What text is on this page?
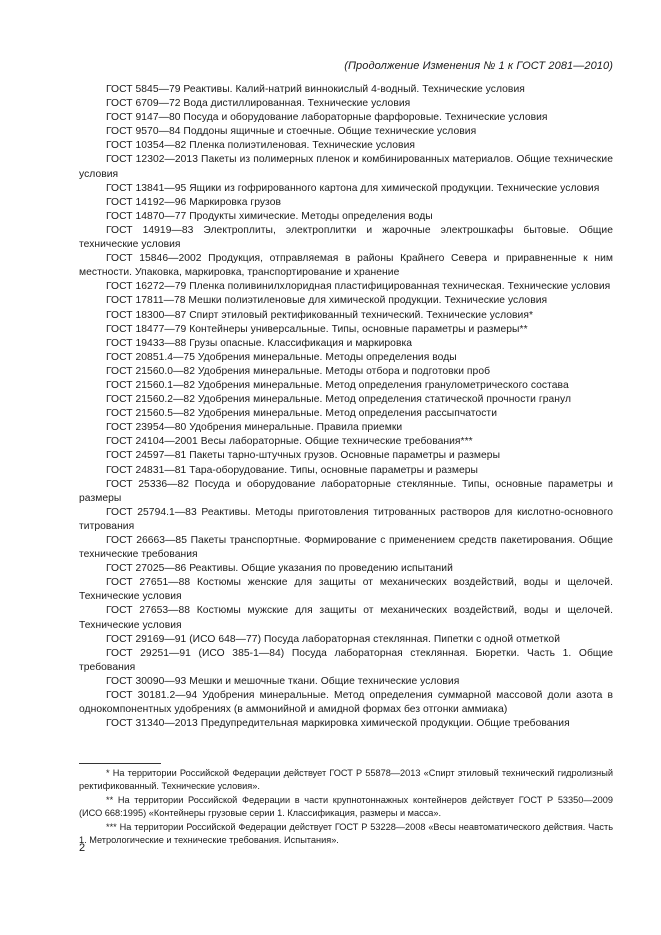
(Продолжение Изменения № 1 к ГОСТ 2081—2010)
ГОСТ 5845—79 Реактивы. Калий-натрий виннокислый 4-водный. Технические условия
ГОСТ 6709—72 Вода дистиллированная. Технические условия
ГОСТ 9147—80 Посуда и оборудование лабораторные фарфоровые. Технические условия
ГОСТ 9570—84 Поддоны ящичные и стоечные. Общие технические условия
ГОСТ 10354—82 Пленка полиэтиленовая. Технические условия
ГОСТ 12302—2013 Пакеты из полимерных пленок и комбинированных материалов. Общие технические условия
ГОСТ 13841—95 Ящики из гофрированного картона для химической продукции. Технические условия
ГОСТ 14192—96 Маркировка грузов
ГОСТ 14870—77 Продукты химические. Методы определения воды
ГОСТ 14919—83 Электроплиты, электроплитки и жарочные электрошкафы бытовые. Общие технические условия
ГОСТ 15846—2002 Продукция, отправляемая в районы Крайнего Севера и приравненные к ним местности. Упаковка, маркировка, транспортирование и хранение
ГОСТ 16272—79 Пленка поливинилхлоридная пластифицированная техническая. Технические условия
ГОСТ 17811—78 Мешки полиэтиленовые для химической продукции. Технические условия
ГОСТ 18300—87 Спирт этиловый ректификованный технический. Технические условия*
ГОСТ 18477—79 Контейнеры универсальные. Типы, основные параметры и размеры**
ГОСТ 19433—88 Грузы опасные. Классификация и маркировка
ГОСТ 20851.4—75 Удобрения минеральные. Методы определения воды
ГОСТ 21560.0—82 Удобрения минеральные. Методы отбора и подготовки проб
ГОСТ 21560.1—82 Удобрения минеральные. Метод определения гранулометрического состава
ГОСТ 21560.2—82 Удобрения минеральные. Метод определения статической прочности гранул
ГОСТ 21560.5—82 Удобрения минеральные. Метод определения рассыпчатости
ГОСТ 23954—80 Удобрения минеральные. Правила приемки
ГОСТ 24104—2001 Весы лабораторные. Общие технические требования***
ГОСТ 24597—81 Пакеты тарно-штучных грузов. Основные параметры и размеры
ГОСТ 24831—81 Тара-оборудование. Типы, основные параметры и размеры
ГОСТ 25336—82 Посуда и оборудование лабораторные стеклянные. Типы, основные параметры и размеры
ГОСТ 25794.1—83 Реактивы. Методы приготовления титрованных растворов для кислотно-основного титрования
ГОСТ 26663—85 Пакеты транспортные. Формирование с применением средств пакетирования. Общие технические требования
ГОСТ 27025—86 Реактивы. Общие указания по проведению испытаний
ГОСТ 27651—88 Костюмы женские для защиты от механических воздействий, воды и щелочей. Технические условия
ГОСТ 27653—88 Костюмы мужские для защиты от механических воздействий, воды и щелочей. Технические условия
ГОСТ 29169—91 (ИСО 648—77) Посуда лабораторная стеклянная. Пипетки с одной отметкой
ГОСТ 29251—91 (ИСО 385-1—84) Посуда лабораторная стеклянная. Бюретки. Часть 1. Общие требования
ГОСТ 30090—93 Мешки и мешочные ткани. Общие технические условия
ГОСТ 30181.2—94 Удобрения минеральные. Метод определения суммарной массовой доли азота в однокомпонентных удобрениях (в аммонийной и амидной формах без отгонки аммиака)
ГОСТ 31340—2013 Предупредительная маркировка химической продукции. Общие требования
* На территории Российской Федерации действует ГОСТ Р 55878—2013 «Спирт этиловый технический гидролизный ректификованный. Технические условия».
** На территории Российской Федерации в части крупнотоннажных контейнеров действует ГОСТ Р 53350—2009 (ИСО 668:1995) «Контейнеры грузовые серии 1. Классификация, размеры и масса».
*** На территории Российской Федерации действует ГОСТ Р 53228—2008 «Весы неавтоматического действия. Часть 1. Метрологические и технические требования. Испытания».
2
